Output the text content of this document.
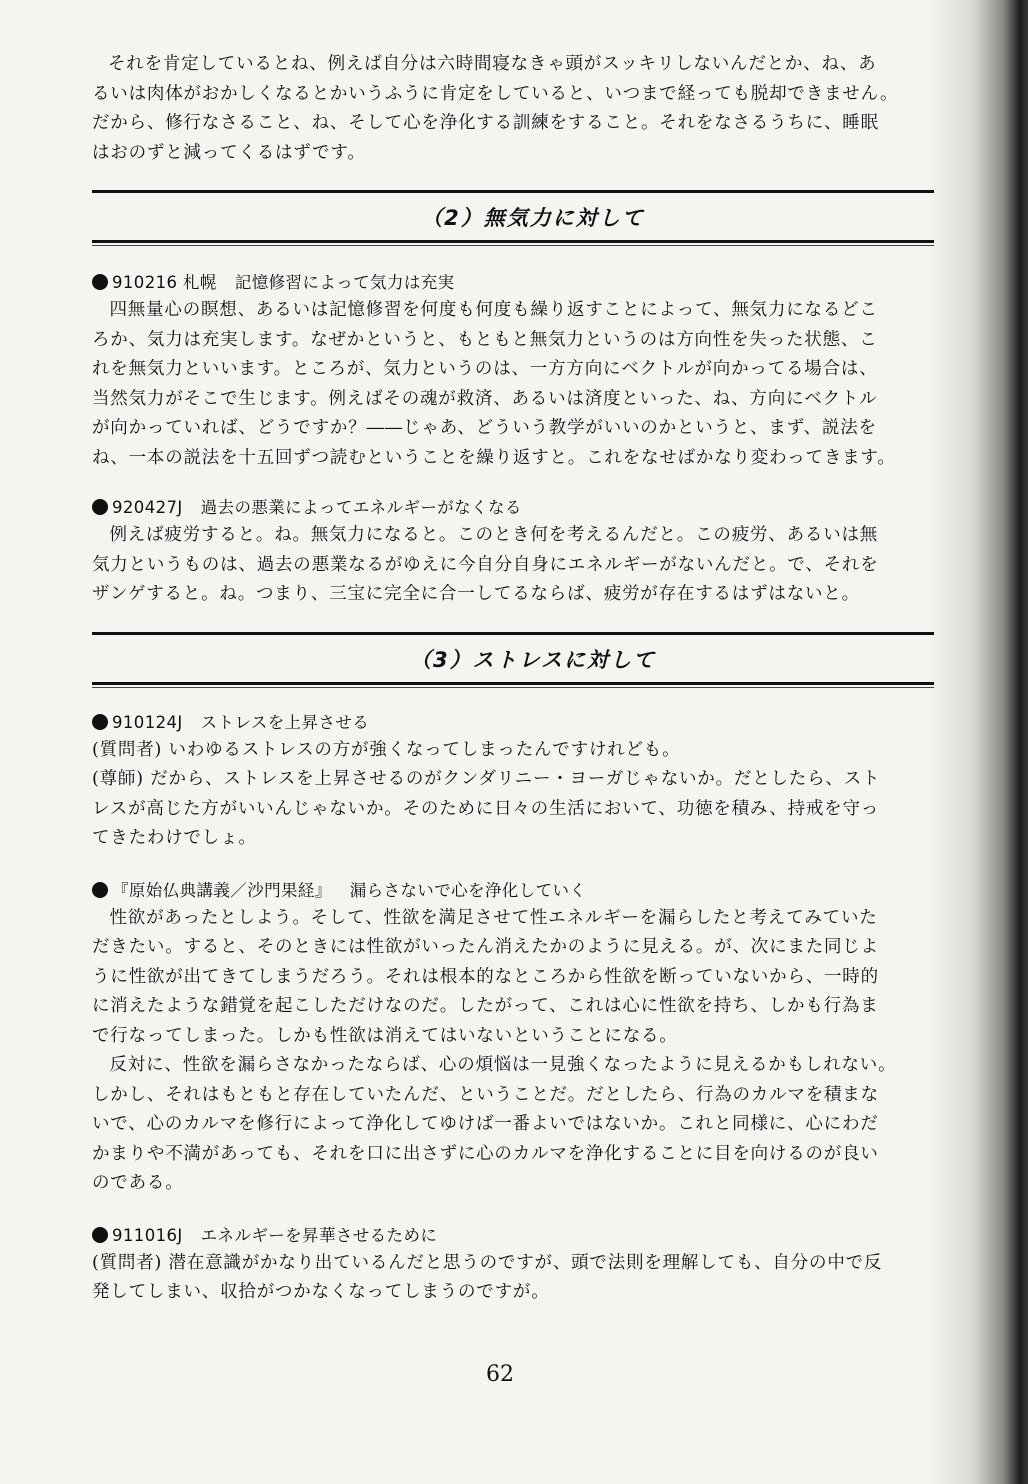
それを肯定しているとね、例えば自分は六時間寝なきゃ頭がスッキリしないんだとか、ね、あ

るいは肉体がおかしくなるとかいうふうに肯定をしていると、いつまで経っても脱却できません。

だから、修行なさること、ね、そして心を浄化する訓練をすること。それをなさるうちに、睡眠

はおのずと減ってくるはずです。

（2）無気力に対して

910216 札幌 記憶修習によって気力は充実

四無量心の瞑想、あるいは記憶修習を何度も何度も繰り返すことによって、無気力になるどこ

ろか、気力は充実します。なぜかというと、もともと無気力というのは方向性を失った状態、こ

れを無気力といいます。ところが、気力というのは、一方方向にベクトルが向かってる場合は、

当然気力がそこで生じます。例えばその魂が救済、あるいは済度といった、ね、方向にベクトル

が向かっていれば、どうですか？――じゃあ、どういう教学がいいのかというと、まず、説法を

ね、一本の説法を十五回ずつ読むということを繰り返すと。これをなせばかなり変わってきます。

920427J 過去の悪業によってエネルギーがなくなる

例えば疲労すると。ね。無気力になると。このとき何を考えるんだと。この疲労、あるいは無

気力というものは、過去の悪業なるがゆえに今自分自身にエネルギーがないんだと。で、それを

ザンゲすると。ね。つまり、三宝に完全に合一してるならば、疲労が存在するはずはないと。

（3）ストレスに対して

910124J ストレスを上昇させる

(質問者) いわゆるストレスの方が強くなってしまったんですけれども。

(尊師) だから、ストレスを上昇させるのがクンダリニー・ヨーガじゃないか。だとしたら、スト

レスが高じた方がいいんじゃないか。そのために日々の生活において、功徳を積み、持戒を守っ

てきたわけでしょ。

『原始仏典講義／沙門果経』 漏らさないで心を浄化していく

性欲があったとしよう。そして、性欲を満足させて性エネルギーを漏らしたと考えてみていた

だきたい。すると、そのときには性欲がいったん消えたかのように見える。が、次にまた同じよ

うに性欲が出てきてしまうだろう。それは根本的なところから性欲を断っていないから、一時的

に消えたような錯覚を起こしただけなのだ。したがって、これは心に性欲を持ち、しかも行為ま

で行なってしまった。しかも性欲は消えてはいないということになる。

反対に、性欲を漏らさなかったならば、心の煩悩は一見強くなったように見えるかもしれない。

しかし、それはもともと存在していたんだ、ということだ。だとしたら、行為のカルマを積まな

いで、心のカルマを修行によって浄化してゆけば一番よいではないか。これと同様に、心にわだ

かまりや不満があっても、それを口に出さずに心のカルマを浄化することに目を向けるのが良い

のである。

911016J エネルギーを昇華させるために

(質問者) 潜在意識がかなり出ているんだと思うのですが、頭で法則を理解しても、自分の中で反

発してしまい、収拾がつかなくなってしまうのですが。

62
